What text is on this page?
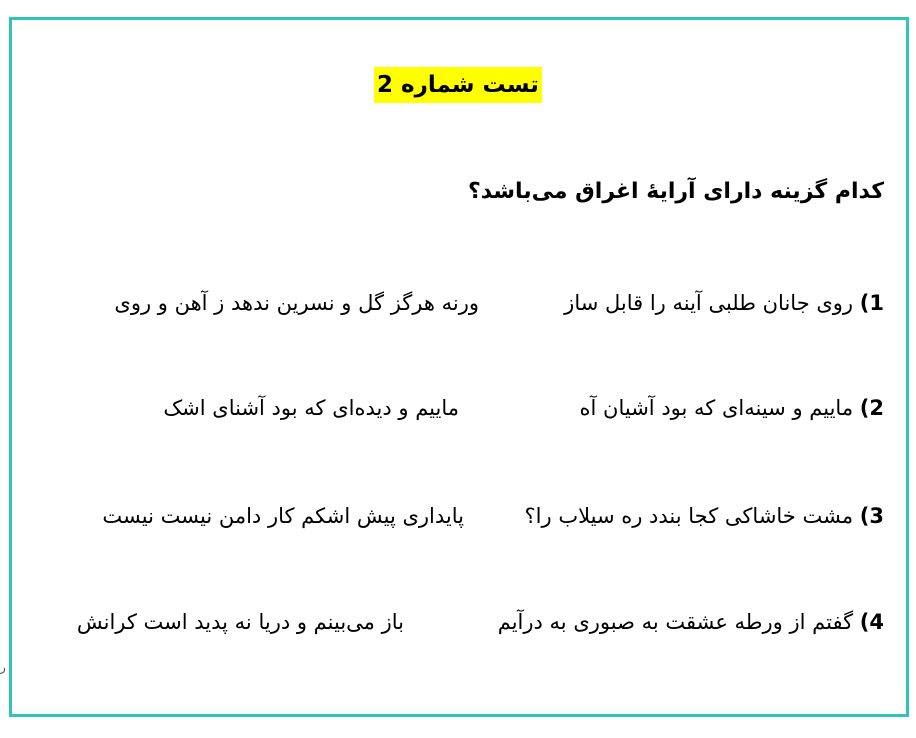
تست شماره 2
کدام گزینه دارای آرایهٔ اغراق می‌باشد؟
1) روی جانان طلبی آینه را قابل ساز
ورنه هرگز گل و نسرین ندهد ز آهن و روی
2) ماییم و سینه‌ای که بود آشیان آه
ماییم و دیده‌ای که بود آشنای اشک
3) مشت خاشاکی کجا بندد ره سیلاب را؟
پایداری پیش اشکم کار دامن نیست نیست
4) گفتم از ورطه عشقت به صبوری به درآیم
باز می‌بینم و دریا نه پدید است کرانش
ر
